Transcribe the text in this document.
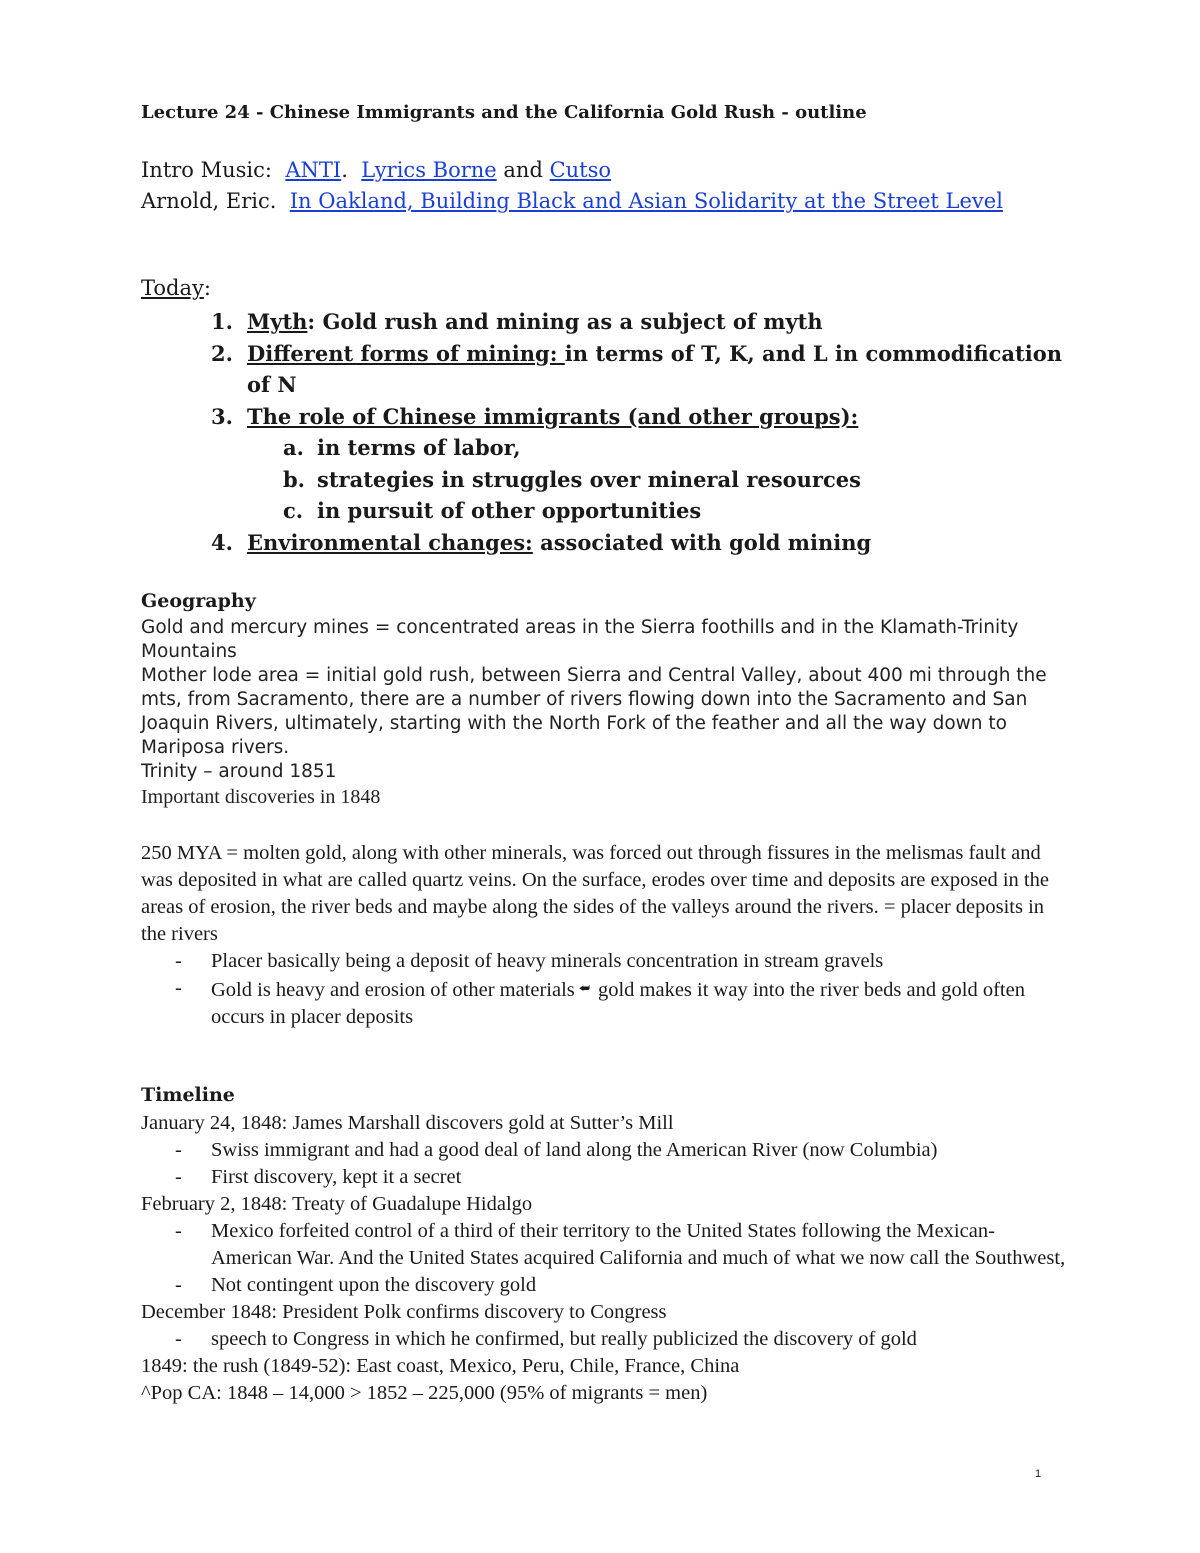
Lecture 24 - Chinese Immigrants and the California Gold Rush - outline
Intro Music: ANTI. Lyrics Borne and Cutso
Arnold, Eric. In Oakland, Building Black and Asian Solidarity at the Street Level
Today:
1. Myth: Gold rush and mining as a subject of myth
2. Different forms of mining: in terms of T, K, and L in commodification of N
3. The role of Chinese immigrants (and other groups):
a. in terms of labor,
b. strategies in struggles over mineral resources
c. in pursuit of other opportunities
4. Environmental changes: associated with gold mining
Geography
Gold and mercury mines = concentrated areas in the Sierra foothills and in the Klamath-Trinity Mountains
Mother lode area = initial gold rush, between Sierra and Central Valley, about 400 mi through the mts, from Sacramento, there are a number of rivers flowing down into the Sacramento and San Joaquin Rivers, ultimately, starting with the North Fork of the feather and all the way down to Mariposa rivers.
Trinity – around 1851
Important discoveries in 1848
250 MYA = molten gold, along with other minerals, was forced out through fissures in the melismas fault and was deposited in what are called quartz veins. On the surface, erodes over time and deposits are exposed in the areas of erosion, the river beds and maybe along the sides of the valleys around the rivers. = placer deposits in the rivers
- Placer basically being a deposit of heavy minerals concentration in stream gravels
- Gold is heavy and erosion of other materials ⮨ gold makes it way into the river beds and gold often occurs in placer deposits
Timeline
January 24, 1848: James Marshall discovers gold at Sutter’s Mill
- Swiss immigrant and had a good deal of land along the American River (now Columbia)
- First discovery, kept it a secret
February 2, 1848: Treaty of Guadalupe Hidalgo
- Mexico forfeited control of a third of their territory to the United States following the Mexican-American War. And the United States acquired California and much of what we now call the Southwest,
- Not contingent upon the discovery gold
December 1848: President Polk confirms discovery to Congress
- speech to Congress in which he confirmed, but really publicized the discovery of gold
1849: the rush (1849-52): East coast, Mexico, Peru, Chile, France, China
^Pop CA: 1848 – 14,000 > 1852 – 225,000 (95% of migrants = men)
1
